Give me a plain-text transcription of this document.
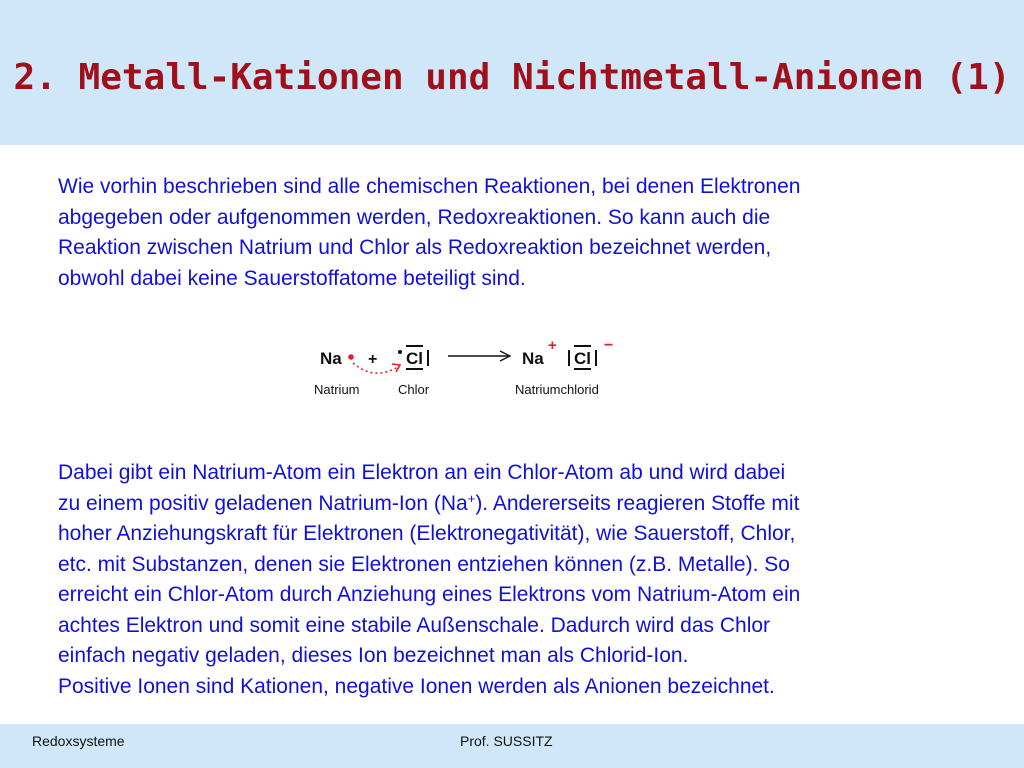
2. Metall-Kationen und Nichtmetall-Anionen (1)

Wie vorhin beschrieben sind alle chemischen Reaktionen, bei denen Elektronen
abgegeben oder aufgenommen werden, Redoxreaktionen. So kann auch die
Reaktion zwischen Natrium und Chlor als Redoxreaktion bezeichnet werden,
obwohl dabei keine Sauerstoffatome beteiligt sind.

Na + Cl	Na
+
Cl
−
Natrium	Chlor	Natriumchlorid

Dabei gibt ein Natrium-Atom ein Elektron an ein Chlor-Atom ab und wird dabei
zu einem positiv geladenen Natrium-Ion (Na+). Andererseits reagieren Stoffe mit
hoher Anziehungskraft für Elektronen (Elektronegativität), wie Sauerstoff, Chlor,
etc. mit Substanzen, denen sie Elektronen entziehen können (z.B. Metalle). So
erreicht ein Chlor-Atom durch Anziehung eines Elektrons vom Natrium-Atom ein
achtes Elektron und somit eine stabile Außenschale. Dadurch wird das Chlor
einfach negativ geladen, dieses Ion bezeichnet man als Chlorid-Ion.
Positive Ionen sind Kationen, negative Ionen werden als Anionen bezeichnet.

Redoxsysteme	Prof. SUSSITZ
